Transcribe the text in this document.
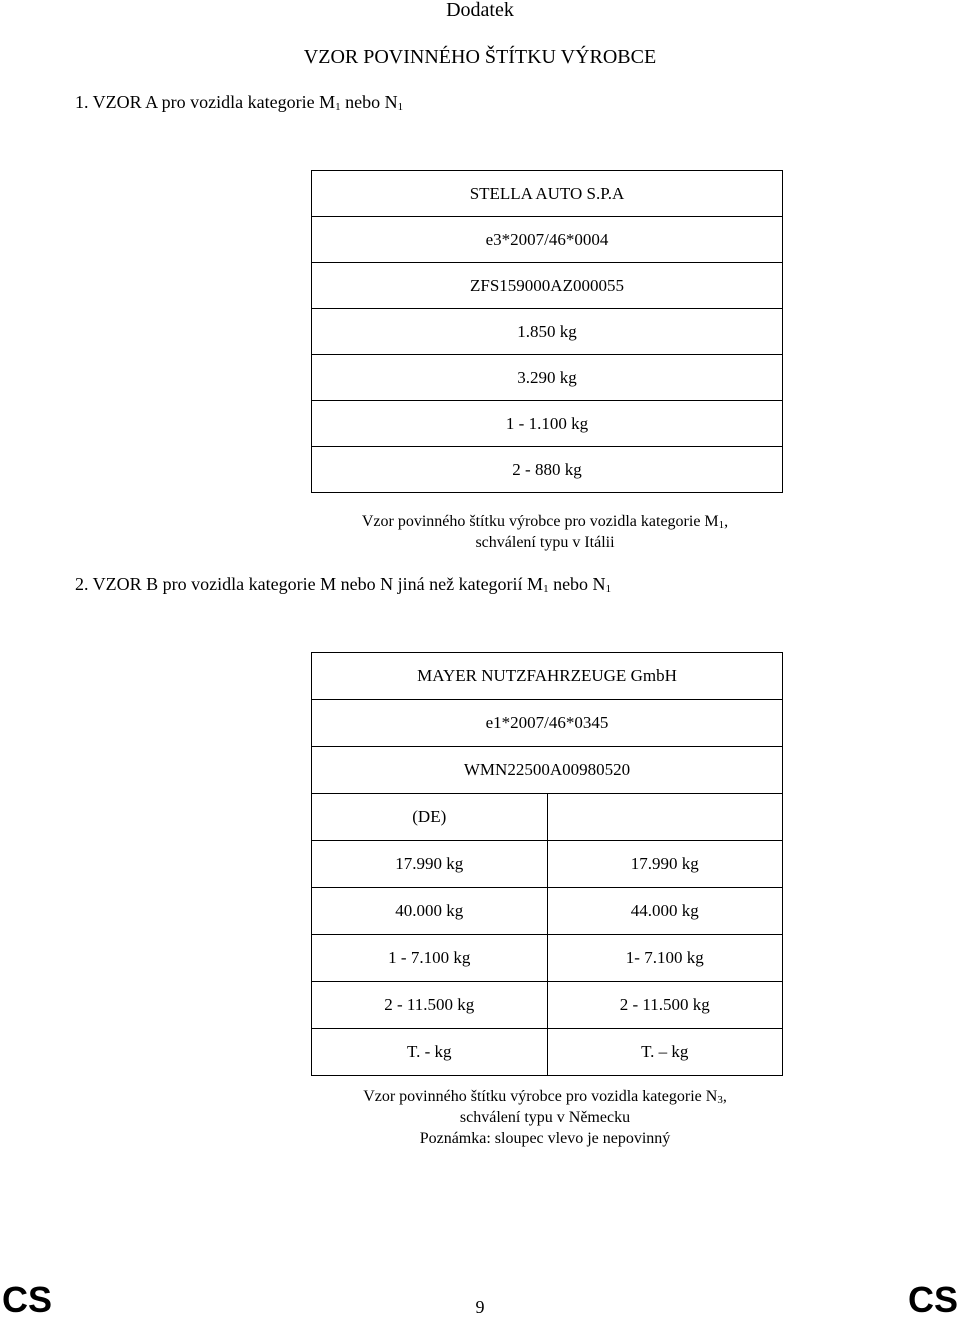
Dodatek
VZOR POVINNÉHO ŠTÍTKU VÝROBCE
1. VZOR A pro vozidla kategorie $M_1$ nebo $N_1$
STELLA AUTO S.P.A
e3*2007/46*0004
ZFS159000AZ000055
1.850 kg
3.290 kg
1 - 1.100 kg
2 - 880 kg
Vzor povinného štítku výrobce pro vozidla kategorie $M_1$,
schválení typu v Itálii
2. VZOR B pro vozidla kategorie M nebo N jiná než kategorií $M_1$ nebo $N_1$
MAYER NUTZFAHRZEUGE GmbH	
e1*2007/46*0345	
WMN22500A00980520	
(DE)	
17.990 kg	17.990 kg
40.000 kg	44.000 kg
1 - 7.100 kg	1- 7.100 kg
2 - 11.500 kg	2 - 11.500 kg
T. - kg	T. – kg
Vzor povinného štítku výrobce pro vozidla kategorie $N_3$,
schválení typu v Německu
Poznámka: sloupec vlevo je nepovinný
CS	9	CS
